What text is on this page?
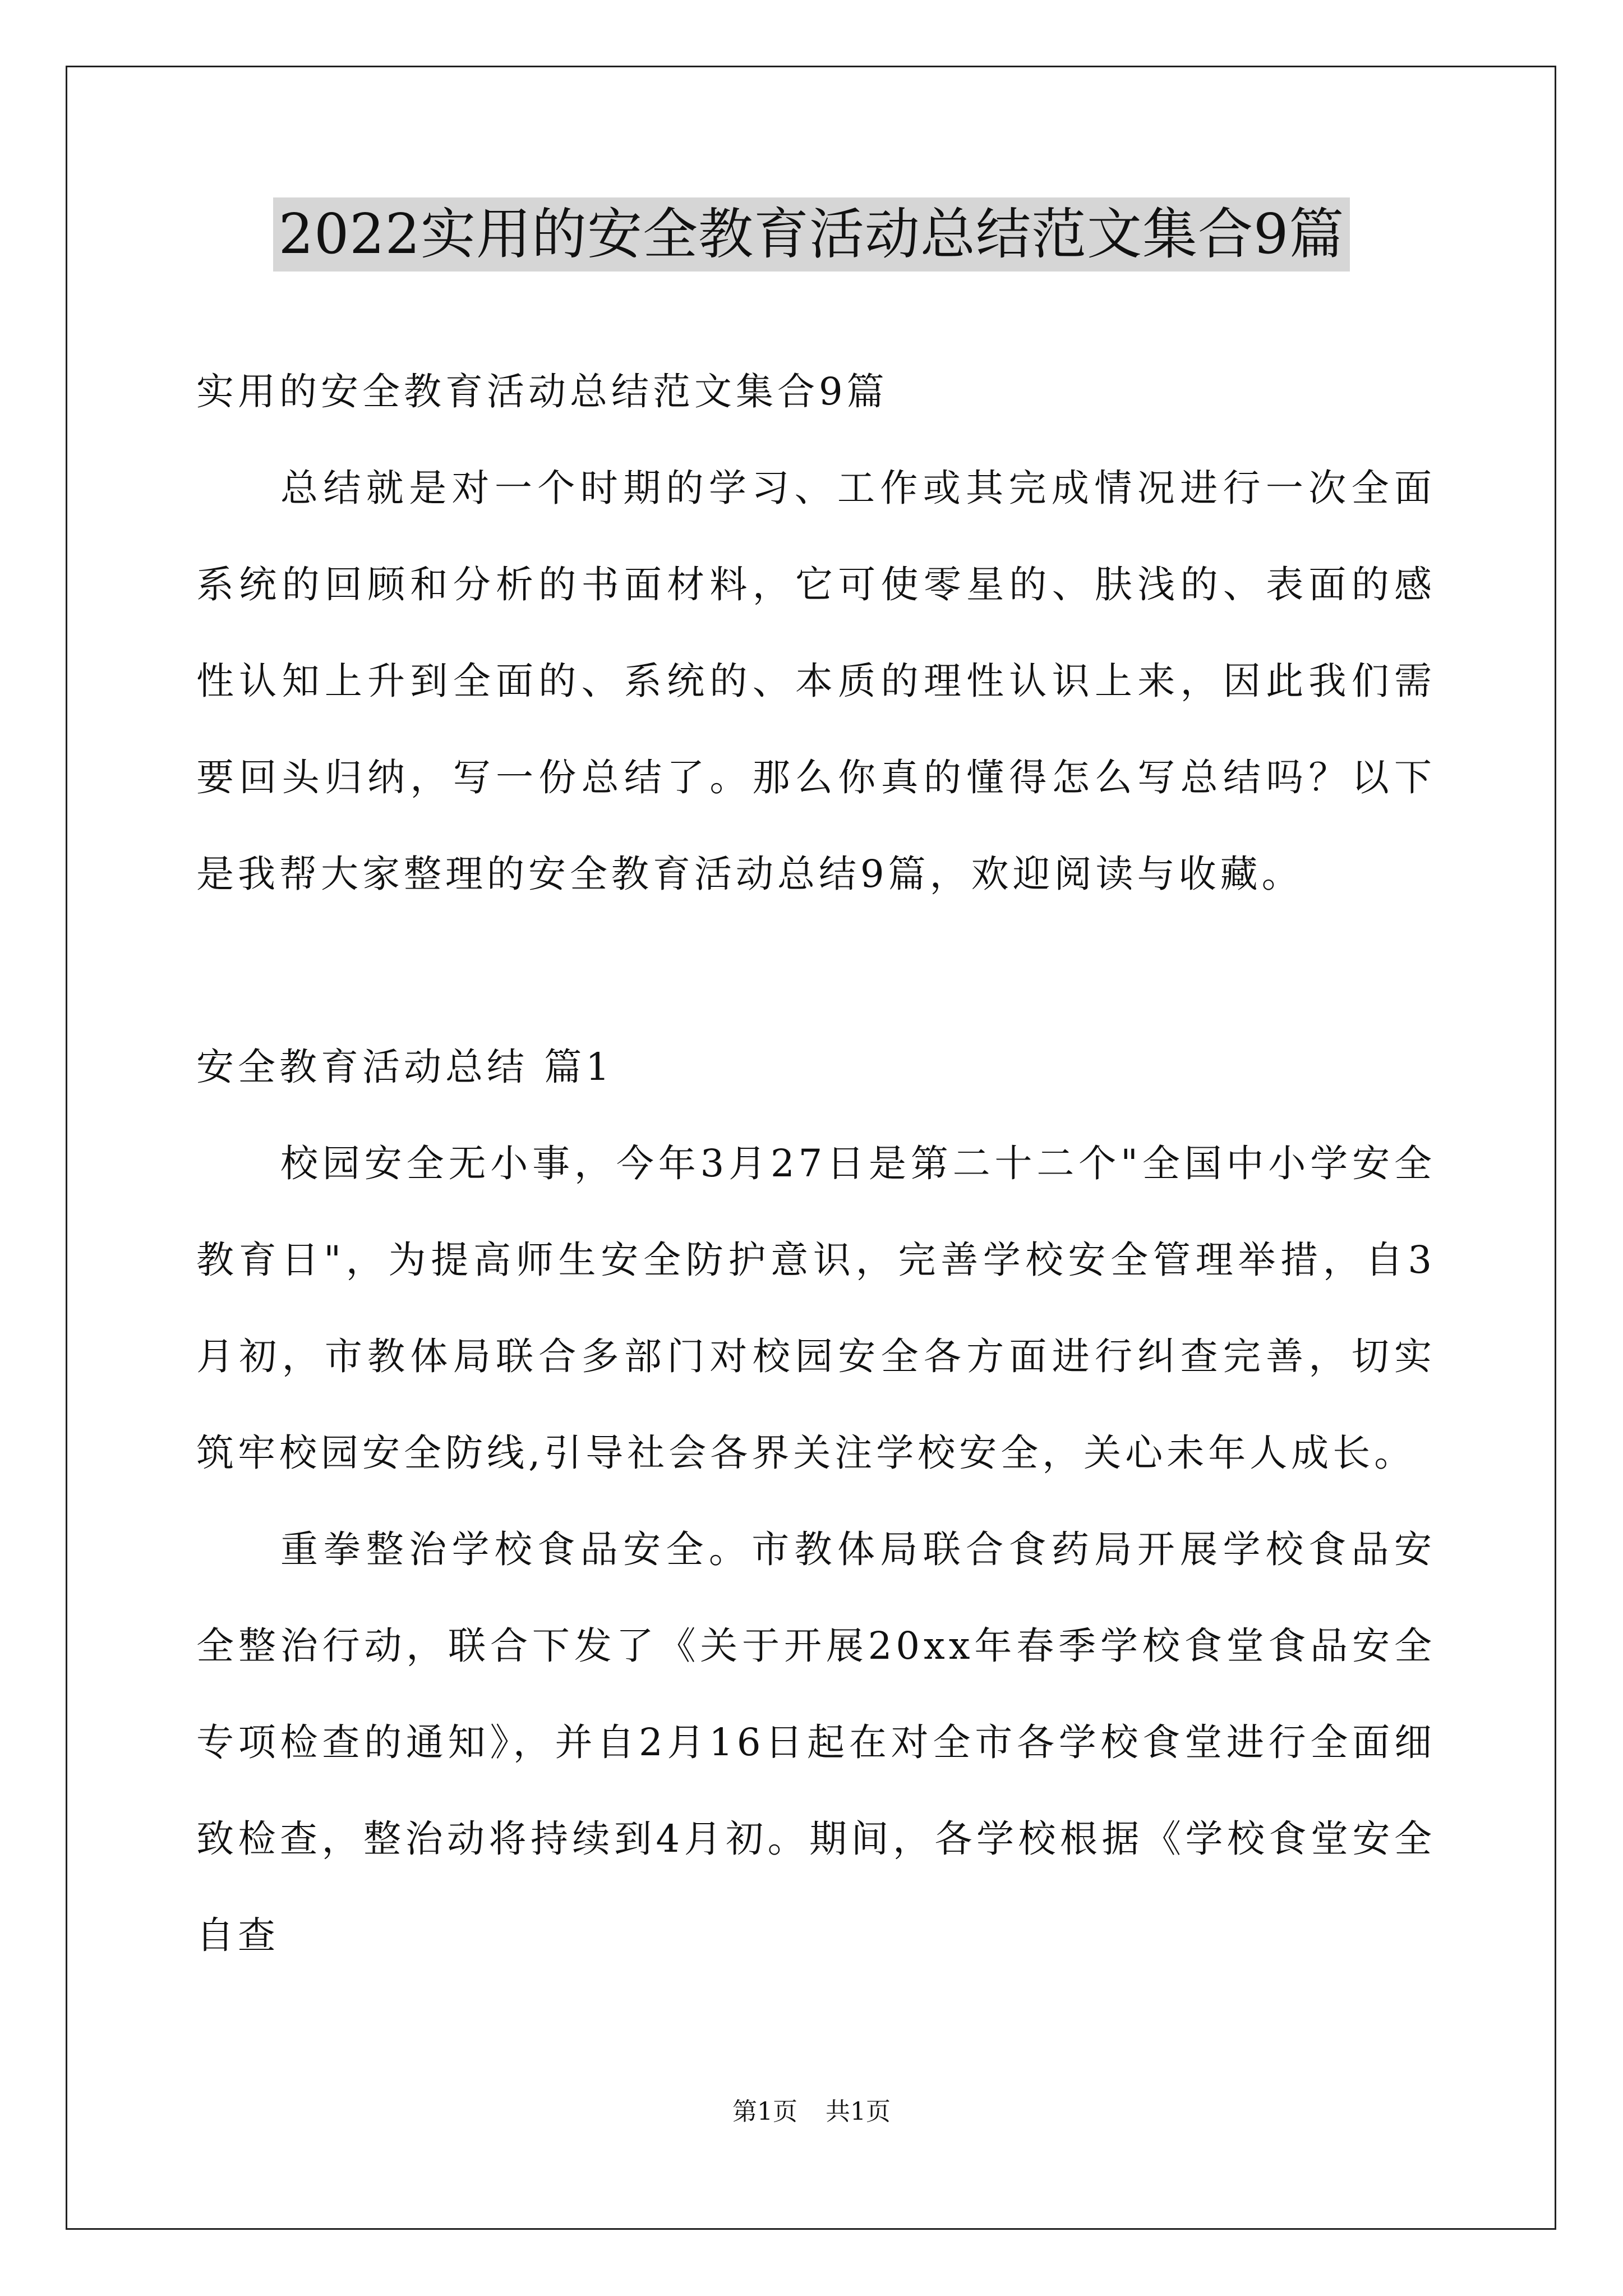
2022实用的安全教育活动总结范文集合9篇

实用的安全教育活动总结范文集合9篇

总结就是对一个时期的学习、工作或其完成情况进行一次全面系统的回顾和分析的书面材料，它可使零星的、肤浅的、表面的感性认知上升到全面的、系统的、本质的理性认识上来，因此我们需要回头归纳，写一份总结了。那么你真的懂得怎么写总结吗？以下是我帮大家整理的安全教育活动总结9篇，欢迎阅读与收藏。

安全教育活动总结 篇1

校园安全无小事，今年3月27日是第二十二个"全国中小学安全教育日"，为提高师生安全防护意识，完善学校安全管理举措，自3月初，市教体局联合多部门对校园安全各方面进行纠查完善，切实筑牢校园安全防线,引导社会各界关注学校安全，关心未年人成长。

重拳整治学校食品安全。市教体局联合食药局开展学校食品安全整治行动，联合下发了《关于开展20xx年春季学校食堂食品安全专项检查的通知》，并自2月16日起在对全市各学校食堂进行全面细致检查，整治动将持续到4月初。期间，各学校根据《学校食堂安全自查

第1页 共1页
